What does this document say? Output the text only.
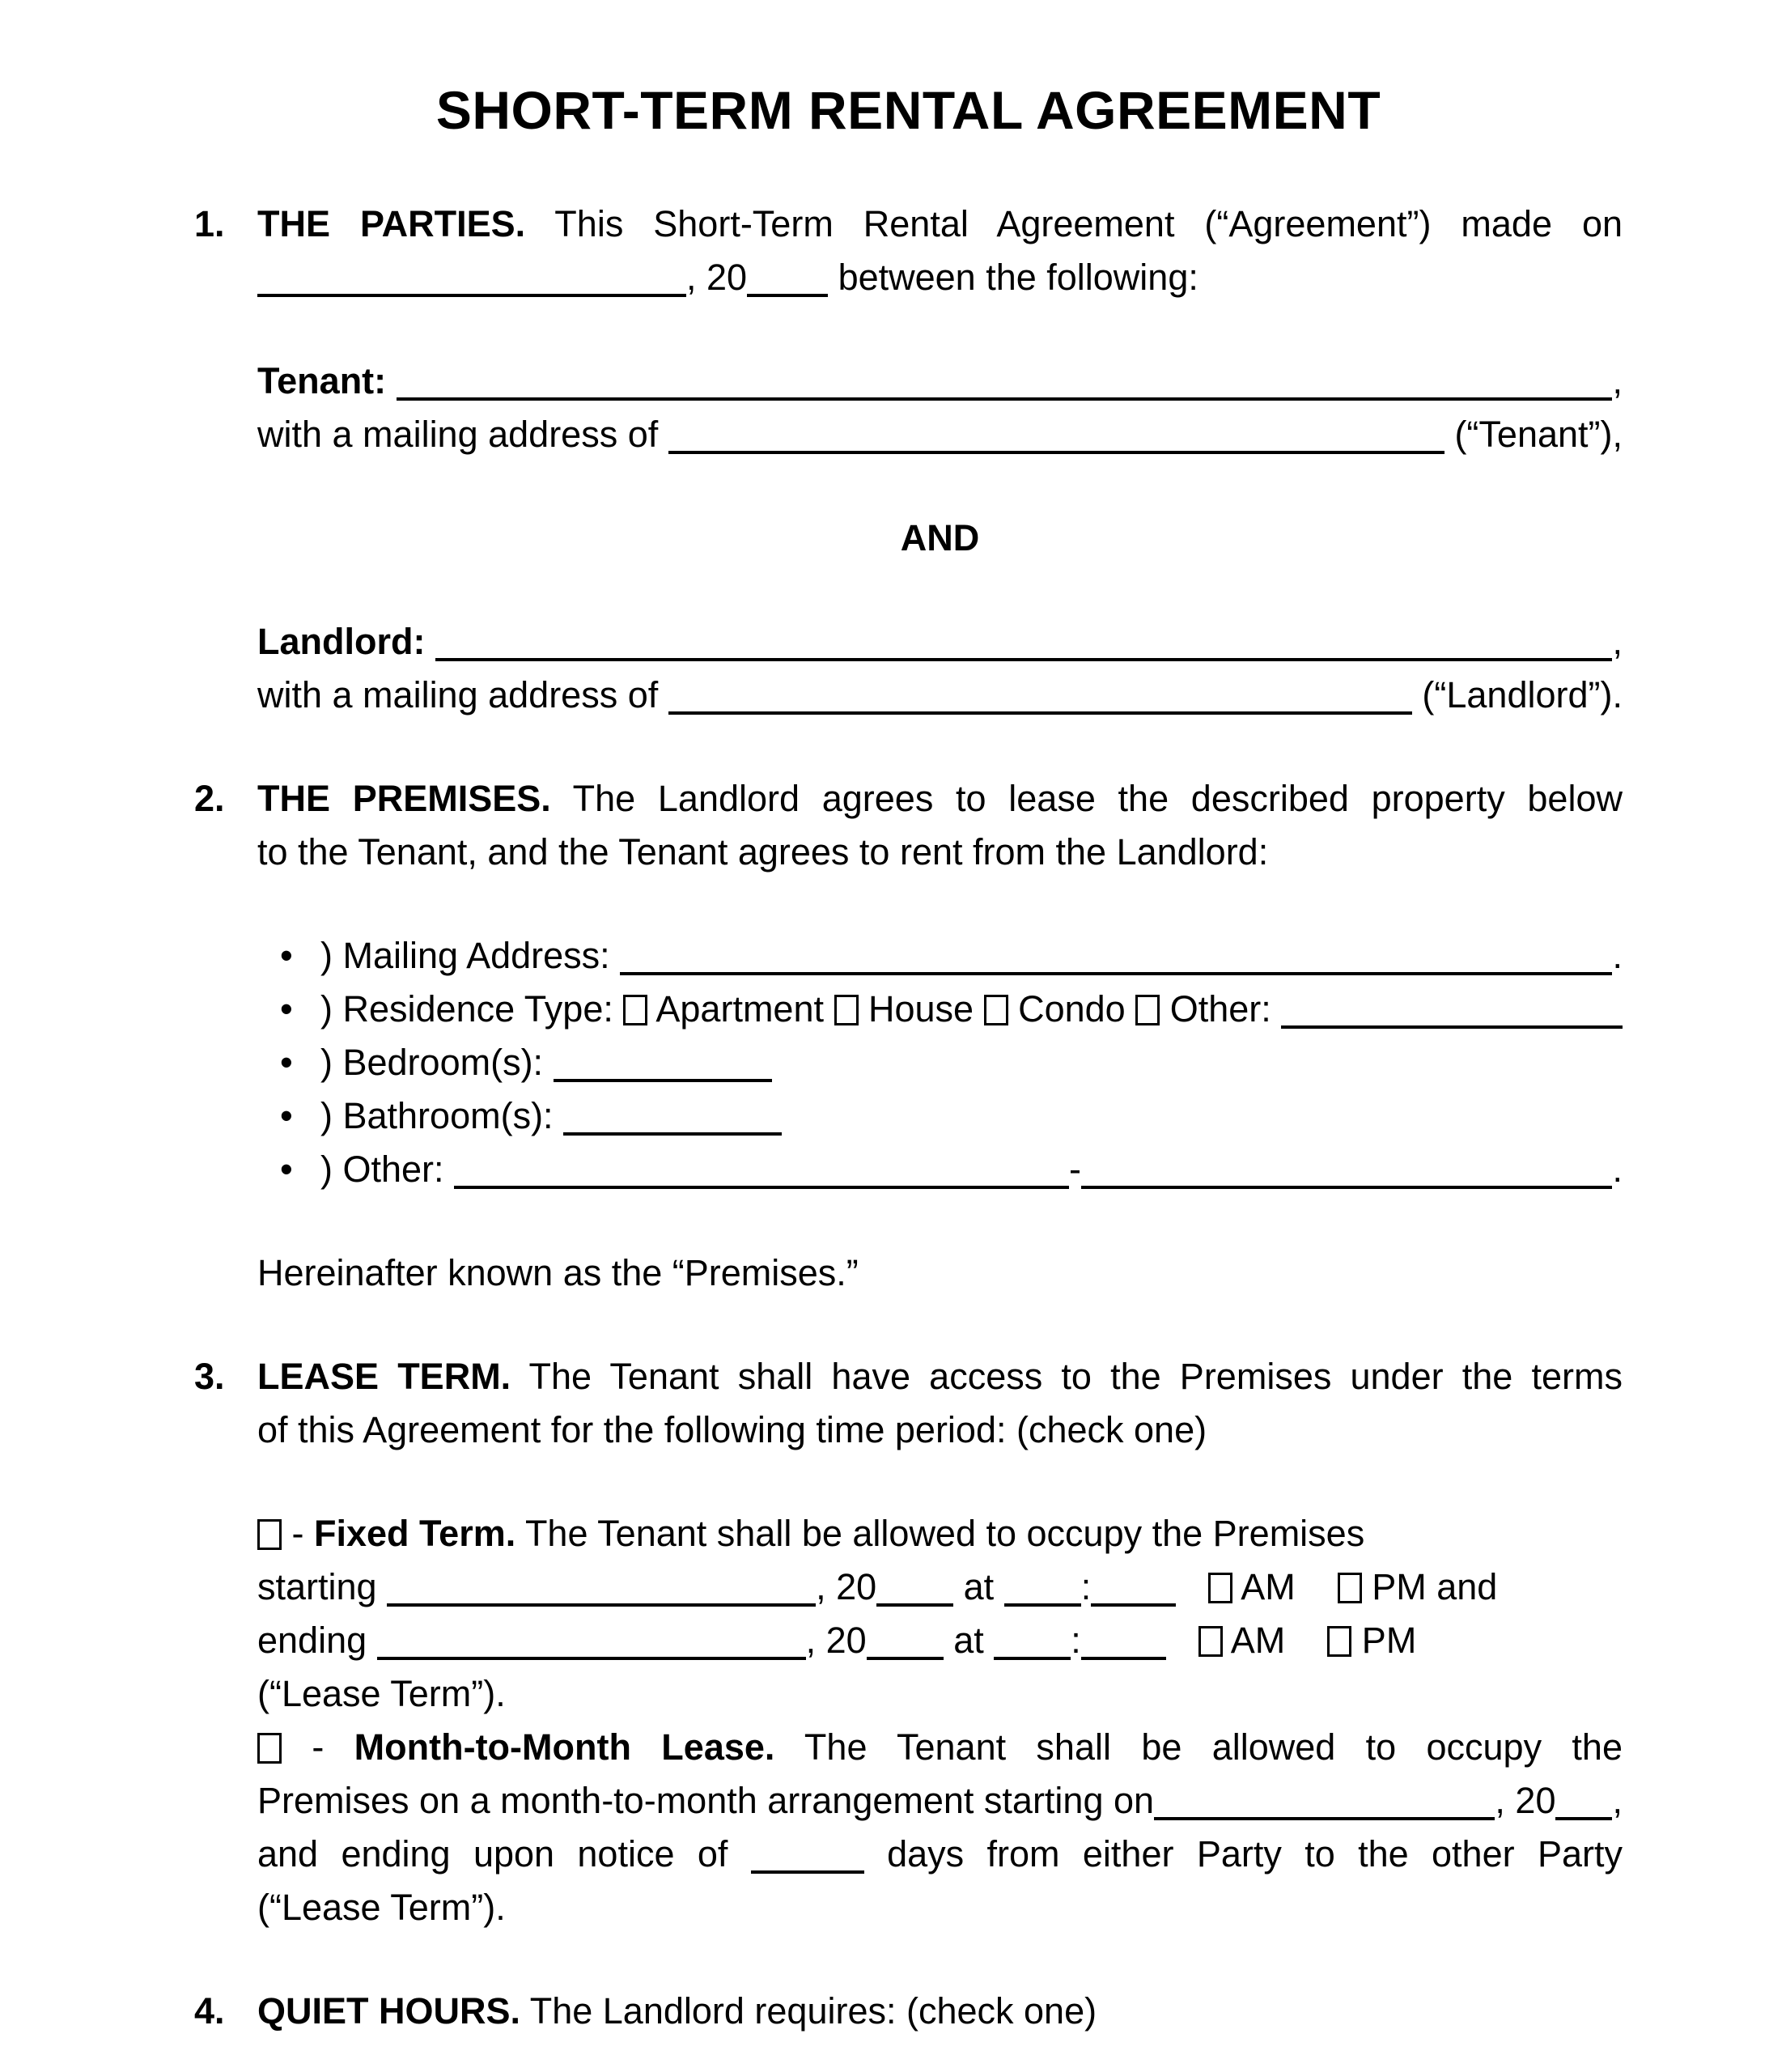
SHORT-TERM RENTAL AGREEMENT
1. THE PARTIES. This Short-Term Rental Agreement (“Agreement”) made on
, 20 between the following:
Tenant:	,
with a mailing address of	(“Tenant”),
AND
Landlord:	,
with a mailing address of	(“Landlord”).
2. THE PREMISES. The Landlord agrees to lease the described property below
to the Tenant, and the Tenant agrees to rent from the Landlord:
• ) Mailing Address:	.
• ) Residence Type: Apartment House Condo Other:
• ) Bedroom(s):
• ) Bathroom(s):
• ) Other:	-	.
Hereinafter known as the “Premises.”
3. LEASE TERM. The Tenant shall have access to the Premises under the terms
of this Agreement for the following time period: (check one)
- Fixed Term. The Tenant shall be allowed to occupy the Premises
starting	, 20 at :	AM PM and
ending	, 20 at :	AM PM
(“Lease Term”).
- Month-to-Month Lease. The Tenant shall be allowed to occupy the
Premises on a month-to-month arrangement starting on	, 20 ,
and ending upon notice of	days from either Party to the other Party
(“Lease Term”).
4. QUIET HOURS. The Landlord requires: (check one)
